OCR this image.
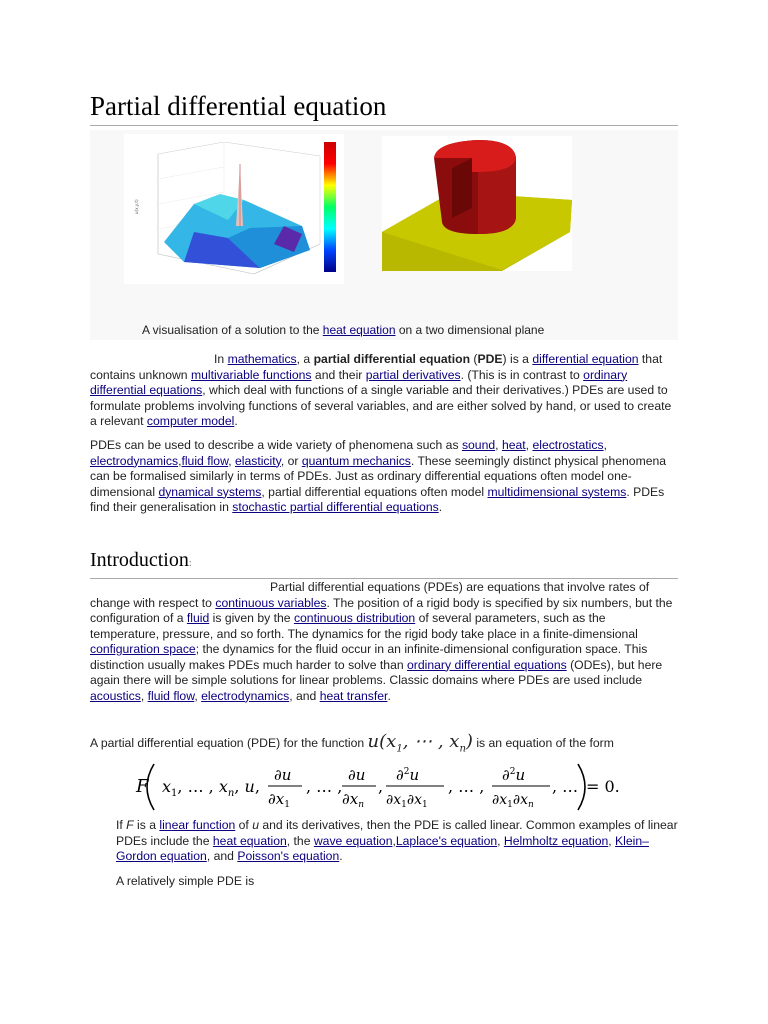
Partial differential equation
u(x,y,t)
A visualisation of a solution to the heat equation on a two dimensional plane

In mathematics, a partial differential equation (PDE) is a differential equation that contains unknown multivariable functions and their partial derivatives. (This is in contrast to ordinary differential equations, which deal with functions of a single variable and their derivatives.) PDEs are used to formulate problems involving functions of several variables, and are either solved by hand, or used to create a relevant computer model.

PDEs can be used to describe a wide variety of phenomena such as sound, heat, electrostatics, electrodynamics,fluid flow, elasticity, or quantum mechanics. These seemingly distinct physical phenomena can be formalised similarly in terms of PDEs. Just as ordinary differential equations often model one-dimensional dynamical systems, partial differential equations often model multidimensional systems. PDEs find their generalisation in stochastic partial differential equations.

Introduction:

Partial differential equations (PDEs) are equations that involve rates of change with respect to continuous variables. The position of a rigid body is specified by six numbers, but the configuration of a fluid is given by the continuous distribution of several parameters, such as the temperature, pressure, and so forth. The dynamics for the rigid body take place in a finite-dimensional configuration space; the dynamics for the fluid occur in an infinite-dimensional configuration space. This distinction usually makes PDEs much harder to solve than ordinary differential equations (ODEs), but here again there will be simple solutions for linear problems. Classic domains where PDEs are used include acoustics, fluid flow, electrodynamics, and heat transfer.

A partial differential equation (PDE) for the function $u(x_1$, ⋯ , $x_n$) is an equation of the form
F $x_1$, … , $x_n$, u,
∂u
$\partial x_1$
, … ,
∂u
$\partial x_n$
,
∂$^2$u
$\partial x_1\partial x_1$
, … ,
∂$^2$u
$\partial x_1\partial x_n$
, … = 0.

If F is a linear function of u and its derivatives, then the PDE is called linear. Common examples of linear PDEs include the heat equation, the wave equation,Laplace's equation, Helmholtz equation, Klein–Gordon equation, and Poisson's equation.

A relatively simple PDE is
